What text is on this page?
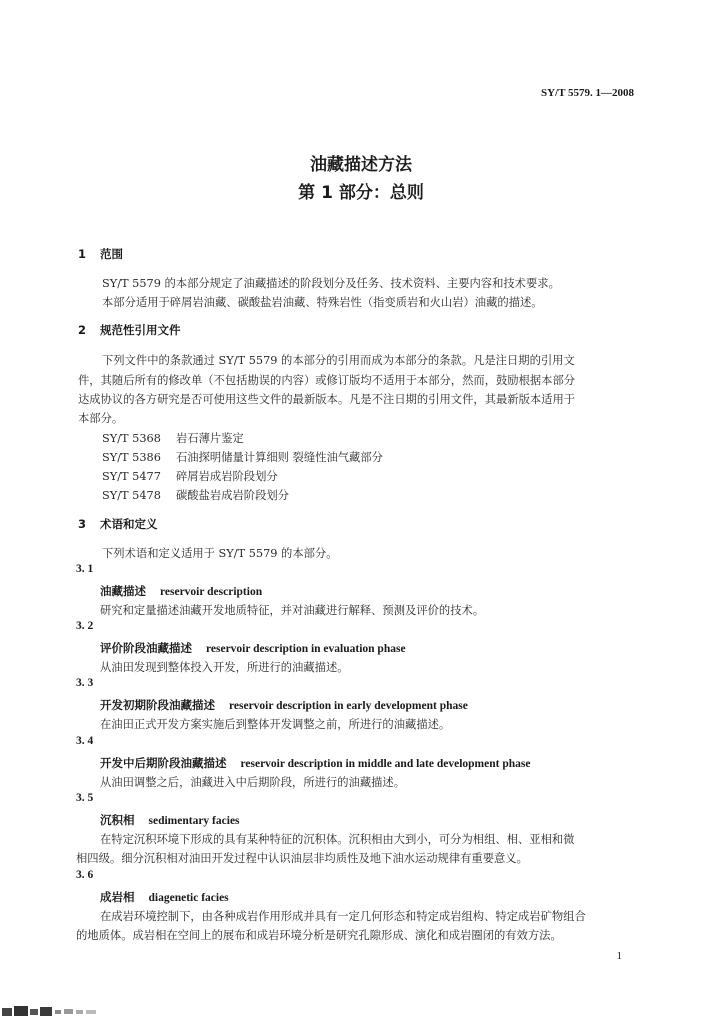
SY/T 5579. 1—2008
油藏描述方法
第 1 部分：总则
1 范围
SY/T 5579 的本部分规定了油藏描述的阶段划分及任务、技术资料、主要内容和技术要求。
本部分适用于碎屑岩油藏、碳酸盐岩油藏、特殊岩性（指变质岩和火山岩）油藏的描述。
2 规范性引用文件
下列文件中的条款通过 SY/T 5579 的本部分的引用而成为本部分的条款。凡是注日期的引用文
件，其随后所有的修改单（不包括勘误的内容）或修订版均不适用于本部分，然而，鼓励根据本部分
达成协议的各方研究是否可使用这些文件的最新版本。凡是不注日期的引用文件，其最新版本适用于
本部分。
SY/T 5368 岩石薄片鉴定
SY/T 5386 石油探明储量计算细则 裂缝性油气藏部分
SY/T 5477 碎屑岩成岩阶段划分
SY/T 5478 碳酸盐岩成岩阶段划分
3 术语和定义
下列术语和定义适用于 SY/T 5579 的本部分。
3. 1
油藏描述 reservoir description
研究和定量描述油藏开发地质特征，并对油藏进行解释、预测及评价的技术。
3. 2
评价阶段油藏描述 reservoir description in evaluation phase
从油田发现到整体投入开发，所进行的油藏描述。
3. 3
开发初期阶段油藏描述 reservoir description in early development phase
在油田正式开发方案实施后到整体开发调整之前，所进行的油藏描述。
3. 4
开发中后期阶段油藏描述 reservoir description in middle and late development phase
从油田调整之后，油藏进入中后期阶段，所进行的油藏描述。
3. 5
沉积相 sedimentary facies
在特定沉积环境下形成的具有某种特征的沉积体。沉积相由大到小，可分为相组、相、亚相和微
相四级。细分沉积相对油田开发过程中认识油层非均质性及地下油水运动规律有重要意义。
3. 6
成岩相 diagenetic facies
在成岩环境控制下，由各种成岩作用形成并具有一定几何形态和特定成岩组构、特定成岩矿物组合
的地质体。成岩相在空间上的展布和成岩环境分析是研究孔隙形成、演化和成岩圈闭的有效方法。
1
